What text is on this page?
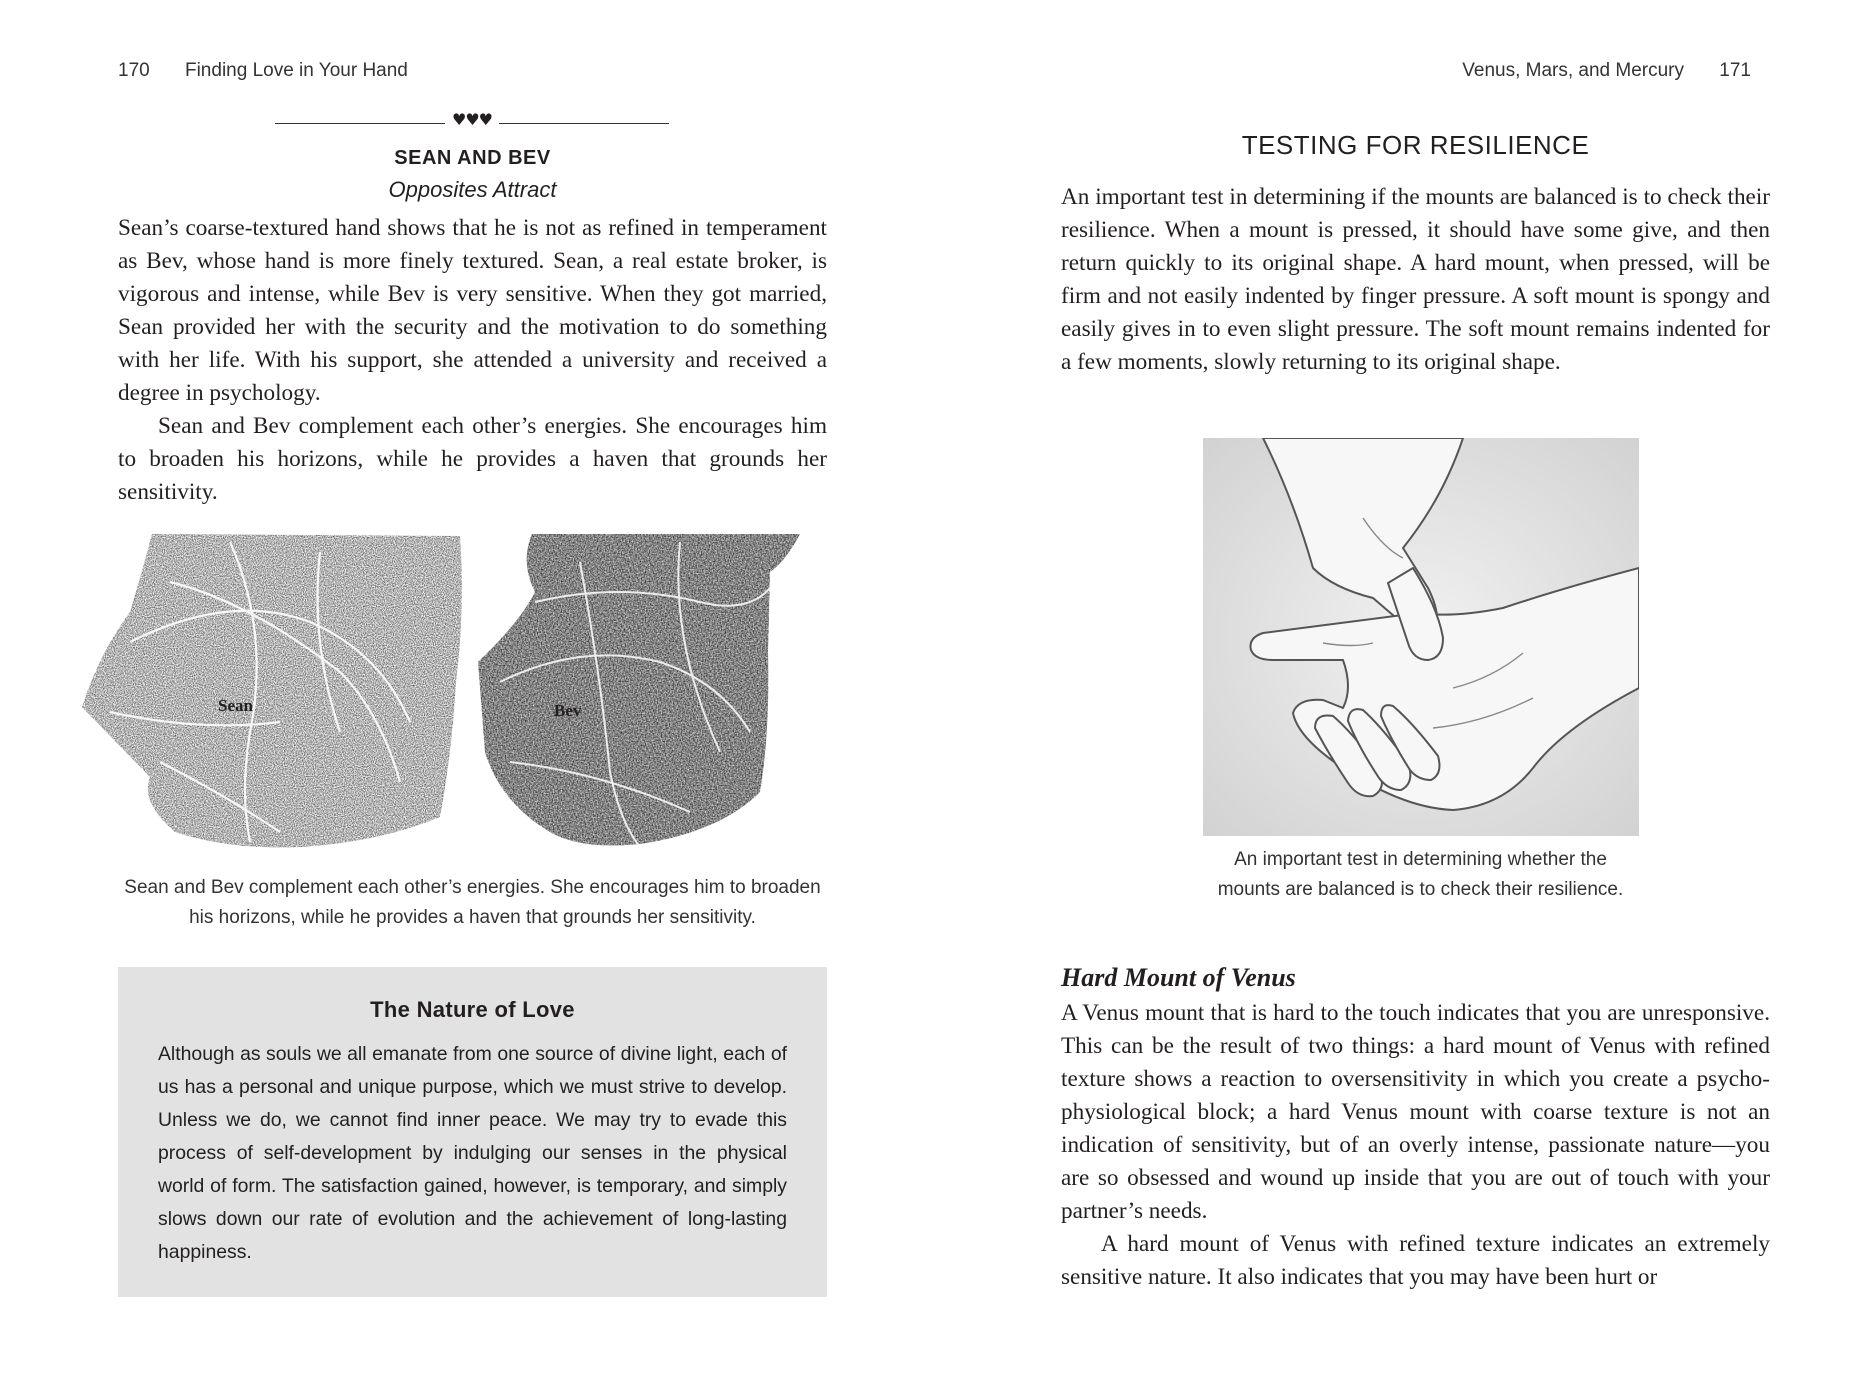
170 Finding Love in Your Hand
♥♥♥
SEAN AND BEV
Opposites Attract

Sean’s coarse-textured hand shows that he is not as refined in temperament as Bev, whose hand is more finely textured. Sean, a real estate broker, is vigorous and intense, while Bev is very sensitive. When they got married, Sean provided her with the security and the motivation to do something with her life. With his support, she attended a university and received a degree in psychology.

Sean and Bev complement each other’s energies. She encourages him to broaden his horizons, while he provides a haven that grounds her sensitivity.

Sean	Bev
Sean and Bev complement each other’s energies. She encourages him to broaden his horizons, while he provides a haven that grounds her sensitivity.
The Nature of Love

Although as souls we all emanate from one source of divine light, each of us has a personal and unique purpose, which we must strive to develop. Unless we do, we cannot find inner peace. We may try to evade this process of self-development by indulging our senses in the physical world of form. The satisfaction gained, however, is temporary, and simply slows down our rate of evolution and the achievement of long-lasting happiness.

Venus, Mars, and Mercury 171
TESTING FOR RESILIENCE

An important test in determining if the mounts are balanced is to check their resilience. When a mount is pressed, it should have some give, and then return quickly to its original shape. A hard mount, when pressed, will be firm and not easily indented by finger pressure. A soft mount is spongy and easily gives in to even slight pressure. The soft mount remains indented for a few moments, slowly returning to its original shape.

An important test in determining whether the
mounts are balanced is to check their resilience.
Hard Mount of Venus

A Venus mount that is hard to the touch indicates that you are unresponsive. This can be the result of two things: a hard mount of Venus with refined texture shows a reaction to oversensitivity in which you create a psycho-physiological block; a hard Venus mount with coarse texture is not an indication of sensitivity, but of an overly intense, passionate nature—you are so obsessed and wound up inside that you are out of touch with your partner’s needs.

A hard mount of Venus with refined texture indicates an extremely sensitive nature. It also indicates that you may have been hurt or
